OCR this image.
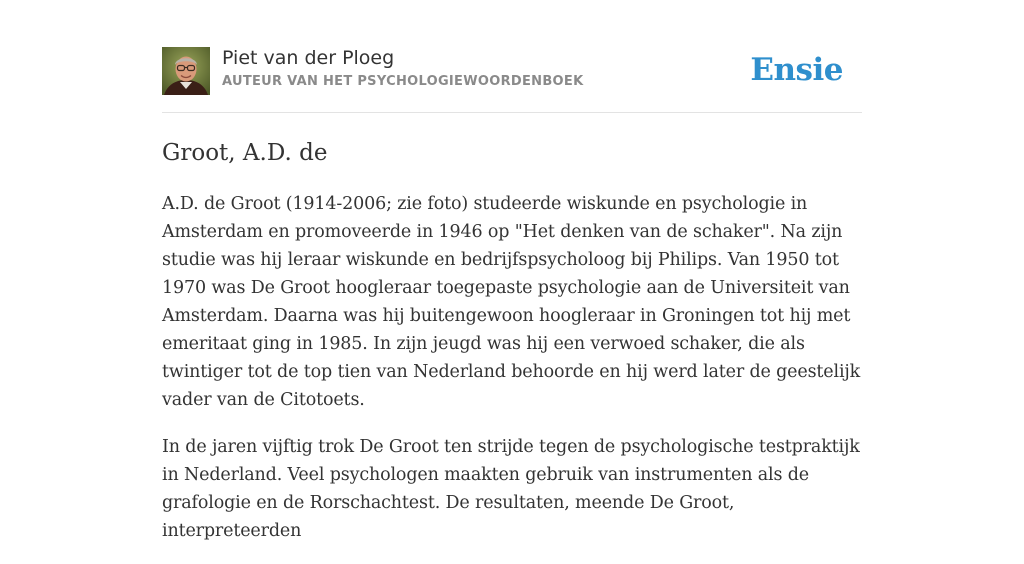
Piet van der Ploeg
AUTEUR VAN HET PSYCHOLOGIEWOORDENBOEK	Ensie
Groot, A.D. de

A.D. de Groot (1914-2006; zie foto) studeerde wiskunde en psychologie in Amsterdam en promoveerde in 1946 op "Het denken van de schaker". Na zijn studie was hij leraar wiskunde en bedrijfspsycholoog bij Philips. Van 1950 tot 1970 was De Groot hoogleraar toegepaste psychologie aan de Universiteit van Amsterdam. Daarna was hij buitengewoon hoogleraar in Groningen tot hij met emeritaat ging in 1985. In zijn jeugd was hij een verwoed schaker, die als twintiger tot de top tien van Nederland behoorde en hij werd later de geestelijk vader van de Citotoets.

In de jaren vijftig trok De Groot ten strijde tegen de psychologische testpraktijk in Nederland. Veel psychologen maakten gebruik van instrumenten als de grafologie en de Rorschachtest. De resultaten, meende De Groot, interpreteerden
